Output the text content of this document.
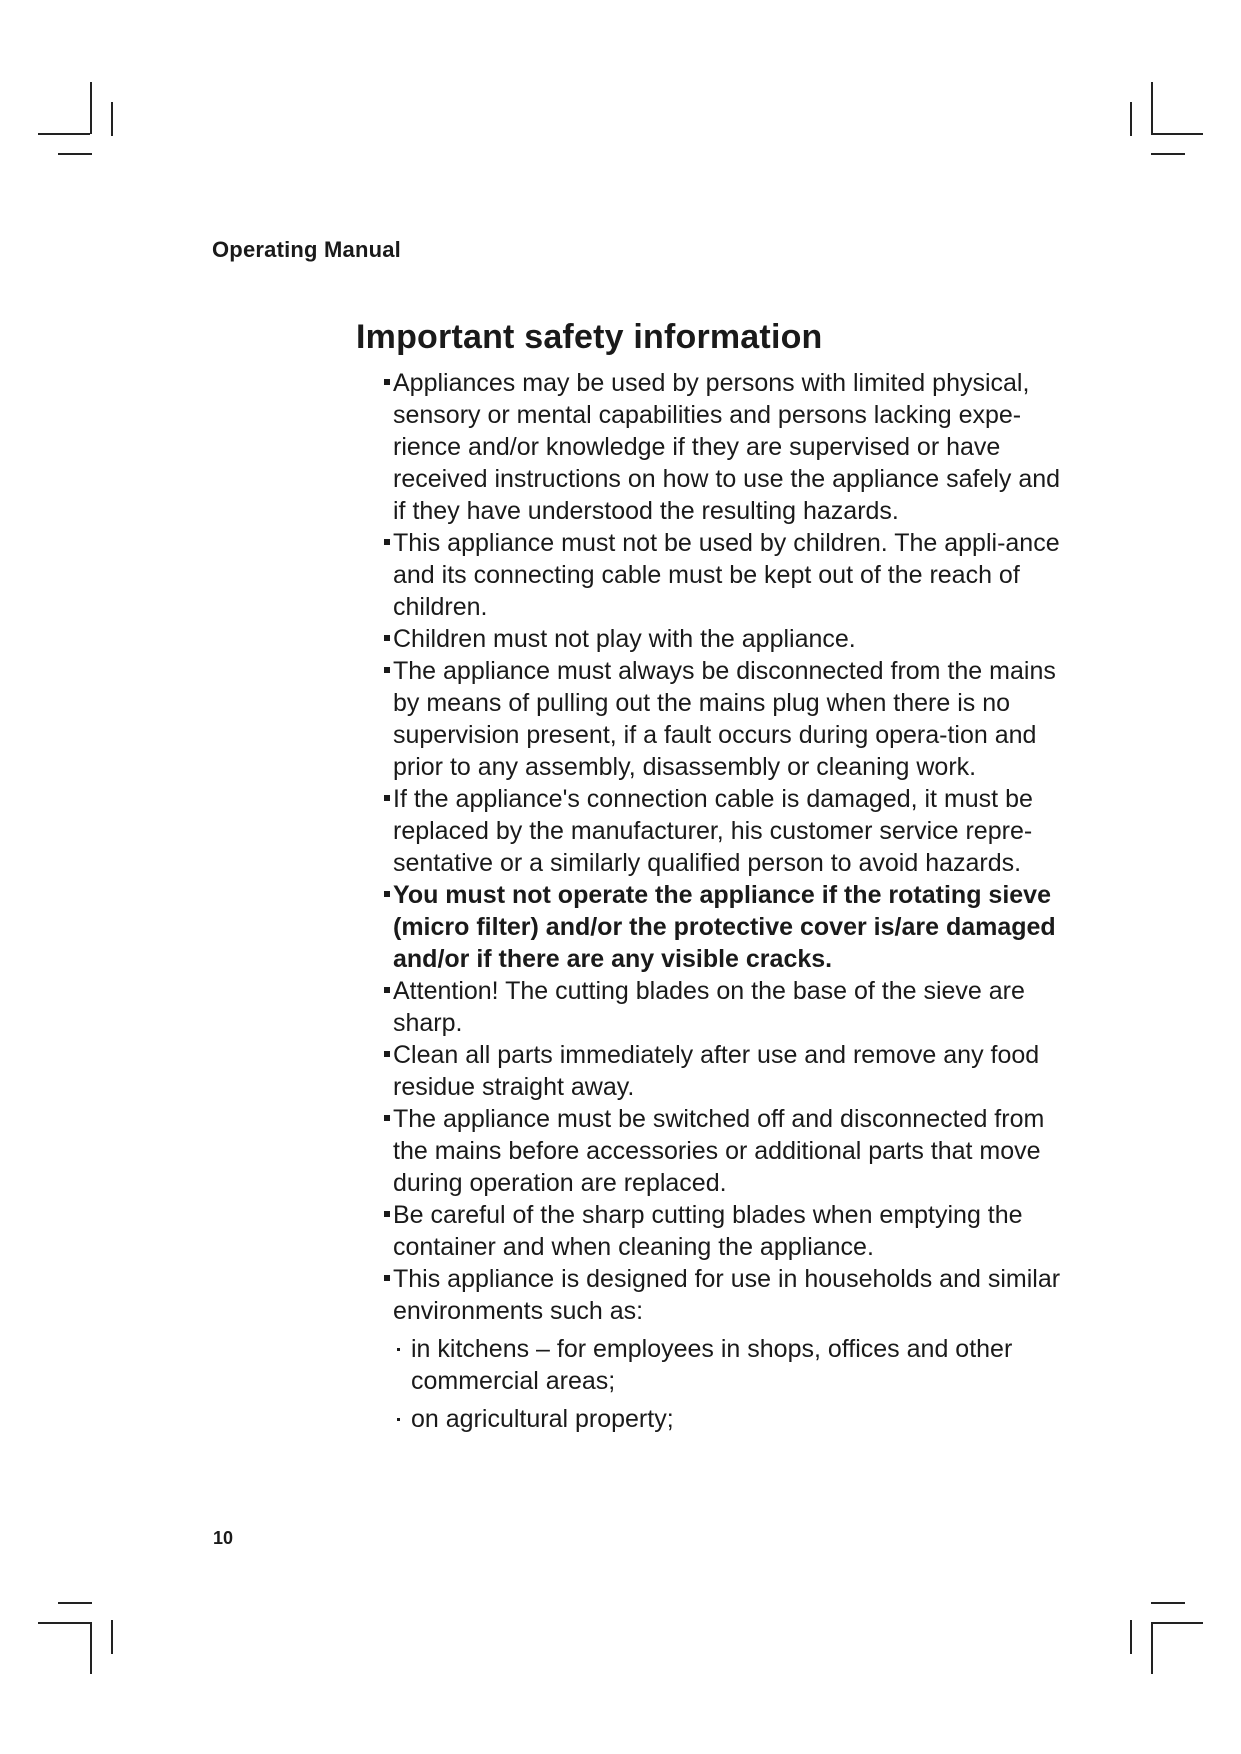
Operating Manual
Important safety information
Appliances may be used by persons with limited physical, sensory or mental capabilities and persons lacking expe-rience and/or knowledge if they are supervised or have received instructions on how to use the appliance safely and if they have understood the resulting hazards.
This appliance must not be used by children. The appli-ance and its connecting cable must be kept out of the reach of children.
Children must not play with the appliance.
The appliance must always be disconnected from the mains by means of pulling out the mains plug when there is no supervision present, if a fault occurs during opera-tion and prior to any assembly, disassembly or cleaning work.
If the appliance's connection cable is damaged, it must be replaced by the manufacturer, his customer service repre-sentative or a similarly qualified person to avoid hazards.
You must not operate the appliance if the rotating sieve (micro filter) and/or the protective cover is/are damaged and/or if there are any visible cracks.
Attention! The cutting blades on the base of the sieve are sharp.
Clean all parts immediately after use and remove any food residue straight away.
The appliance must be switched off and disconnected from the mains before accessories or additional parts that move during operation are replaced.
Be careful of the sharp cutting blades when emptying the container and when cleaning the appliance.
This appliance is designed for use in households and similar environments such as:
in kitchens – for employees in shops, offices and other commercial areas;
on agricultural property;
10
